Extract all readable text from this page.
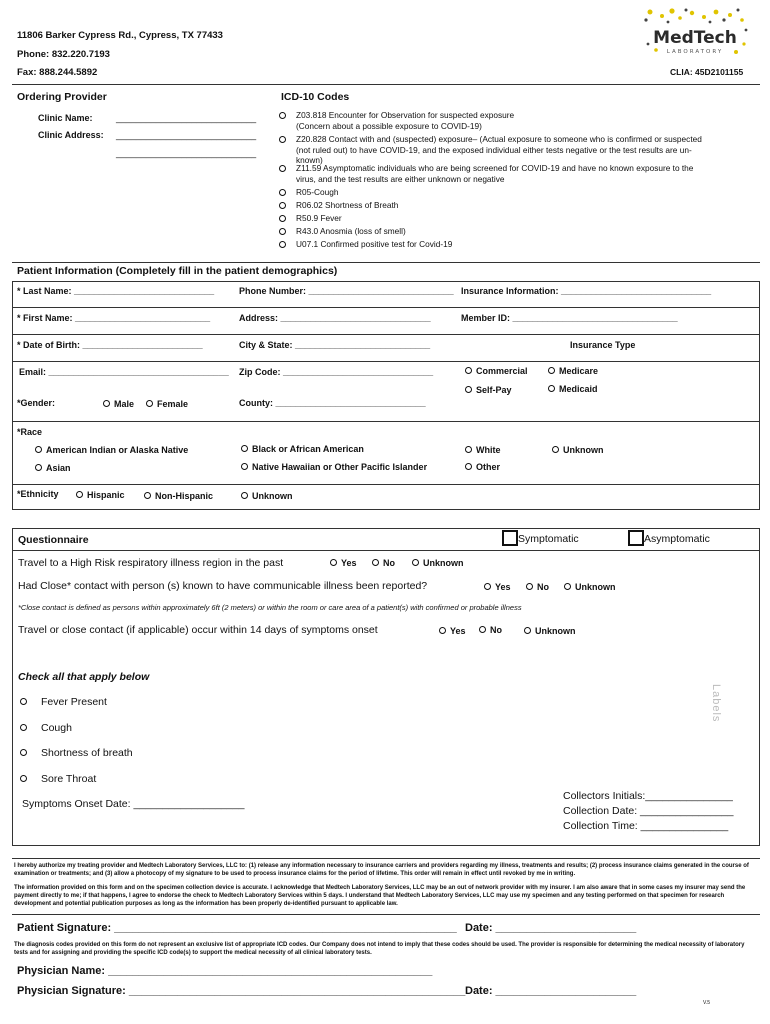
11806 Barker Cypress Rd., Cypress, TX 77433
Phone: 832.220.7193
Fax: 888.244.5892	CLIA: 45D2101155
MedTech
LABORATORY
Ordering Provider
Clinic Name:	____________________________
Clinic Address: ____________________________
____________________________
ICD-10 Codes
Z03.818 Encounter for Observation for suspected exposure
(Concern about a possible exposure to COVID-19)
Z20.828 Contact with and (suspected) exposure– (Actual exposure to someone who is confirmed or suspected
(not ruled out) to have COVID-19, and the exposed individual either tests negative or the test results are un-
known)
Z11.59 Asymptomatic individuals who are being screened for COVID-19 and have no known exposure to the
virus, and the test results are either unknown or negative
R05-Cough
R06.02 Shortness of Breath
R50.9 Fever
R43.0 Anosmia (loss of smell)
U07.1 Confirmed positive test for Covid-19
Patient Information (Completely fill in the patient demographics)
* Last Name: ____________________________	Phone Number: _____________________________ Insurance Information: ______________________________
* First Name: ___________________________	Address: ______________________________	Member ID: _________________________________
* Date of Birth: ________________________	City & State: ___________________________	Insurance Type
Email: ____________________________________ Zip Code: ______________________________	Commercial	Medicare
Self-Pay	Medicaid
*Gender:	Male	Female	County: ______________________________
*Race
American Indian or Alaska Native	Black or African American	White	Unknown
Asian	Native Hawaiian or Other Pacific Islander	Other
*Ethnicity	Hispanic	Non-Hispanic	Unknown
Questionnaire	Symptomatic	Asymptomatic
Travel to a High Risk respiratory illness region in the past	Yes	No	Unknown
Had Close* contact with person (s) known to have communicable illness been reported?	Yes	No	Unknown
*Close contact is defined as persons within approximately 6ft (2 meters) or within the room or care area of a patient(s) with confirmed or probable illness
Travel or close contact (if applicable) occur within 14 days of symptoms onset	Yes	No	Unknown
Check all that apply below
Fever Present
Cough
Shortness of breath
Sore Throat
Symptoms Onset Date: ___________________
Collectors Initials:_______________
Collection Date: ________________
Collection Time: _______________
Labels
I hereby authorize my treating provider and Medtech Laboratory Services, LLC to: (1) release any information necessary to insurance carriers and providers regarding my illness, treatments and results; (2) process insurance claims generated in the course of examination or treatments; and (3) allow a photocopy of my signature to be used to process insurance claims for the period of lifetime. This order will remain in effect until revoked by me in writing.
The information provided on this form and on the specimen collection device is accurate. I acknowledge that Medtech Laboratory Services, LLC may be an out of network provider with my insurer. I am also aware that in some cases my insurer may send the payment directly to me; if that happens, I agree to endorse the check to Medtech Laboratory Services within 5 days. I understand that Medtech Laboratory Services, LLC may use my specimen and any testing performed on that specimen for research development and potential publication purposes as long as the information has been properly de-identified pursuant to applicable law.
Patient Signature: ________________________________________________________ Date: _______________________
The diagnosis codes provided on this form do not represent an exclusive list of appropriate ICD codes. Our Company does not intend to imply that these codes should be used. The provider is responsible for determining the medical necessity of laboratory tests and for assigning and providing the specific ICD code(s) to support the medical necessity of all clinical laboratory tests.
Physician Name: _____________________________________________________
Physician Signature: _______________________________________________________ Date: _______________________
V.5
